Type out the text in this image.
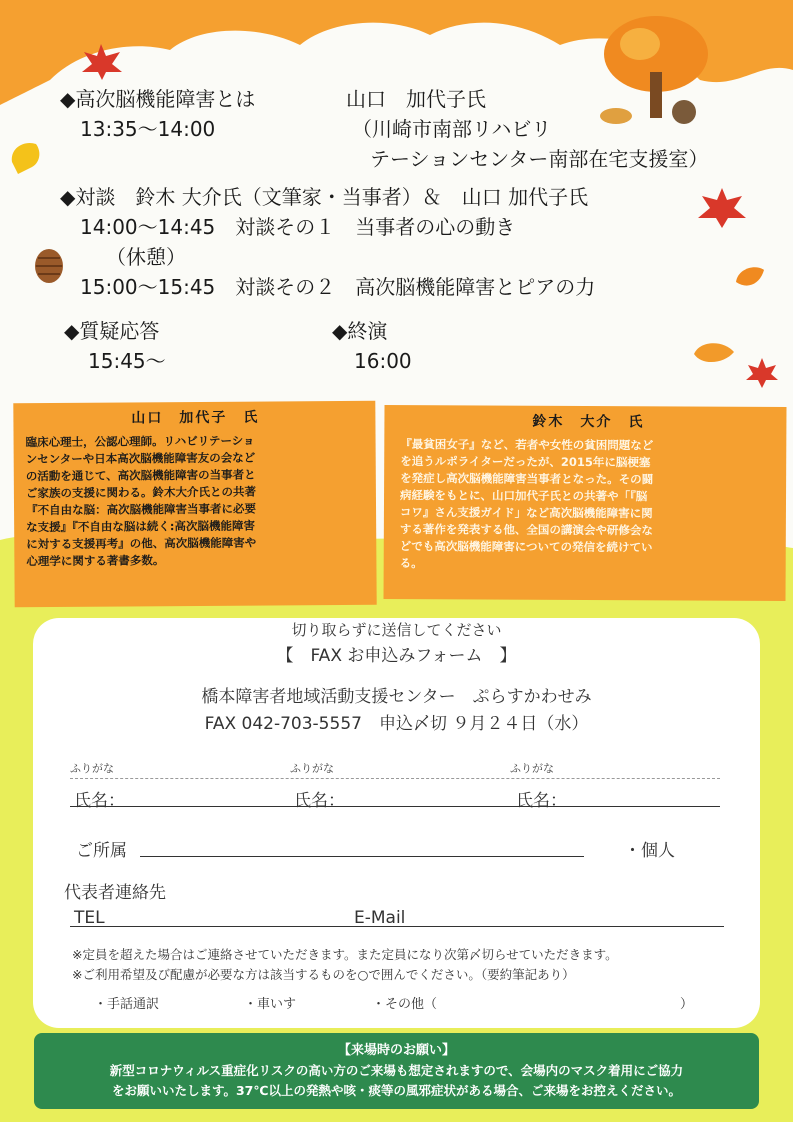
◆高次脳機能障害とは
13:35～14:00
山口　加代子氏
（川崎市南部リハビリ
テーションセンター南部在宅支援室）
◆対談　鈴木 大介氏（文筆家・当事者）＆　山口 加代子氏
14:00～14:45　対談その１　当事者の心の動き
（休憩）
15:00～15:45　対談その２　高次脳機能障害とピアの力
◆質疑応答
15:45～
◆終演
16:00
山口　加代子　氏
臨床心理士，公認心理師。リハビリテーショ
ンセンターや日本高次脳機能障害友の会など
の活動を通じて、高次脳機能障害の当事者と
ご家族の支援に関わる。鈴木大介氏との共著
『不自由な脳：高次脳機能障害当事者に必要
な支援』『不自由な脳は続く:高次脳機能障害
に対する支援再考』の他、高次脳機能障害や
心理学に関する著書多数。
鈴木　大介　氏
『最貧困女子』など、若者や女性の貧困問題など
を追うルポライターだったが、2015年に脳梗塞
を発症し高次脳機能障害当事者となった。その闘
病経験をもとに、山口加代子氏との共著や「『脳
コワ』さん支援ガイド」など高次脳機能障害に関
する著作を発表する他、全国の講演会や研修会な
どでも高次脳機能障害についての発信を続けてい
る。
切り取らずに送信してください
【　FAX お申込みフォーム　】
橋本障害者地域活動支援センター　ぷらすかわせみ
FAX 042-703-5557　申込〆切 ９月２４日（水）
ふりがな	ふりがな	ふりがな
氏名：	氏名：	氏名：
ご所属	・個人
代表者連絡先
TEL	E-Mail
※定員を超えた場合はご連絡させていただきます。また定員になり次第〆切らせていただきます。
※ご利用希望及び配慮が必要な方は該当するものを○で囲んでください。（要約筆記あり）
・手話通訳	・車いす	・その他（	）
【来場時のお願い】
新型コロナウィルス重症化リスクの高い方のご来場も想定されますので、会場内のマスク着用にご協力
をお願いいたします。37℃以上の発熱や咳・痰等の風邪症状がある場合、ご来場をお控えください。
